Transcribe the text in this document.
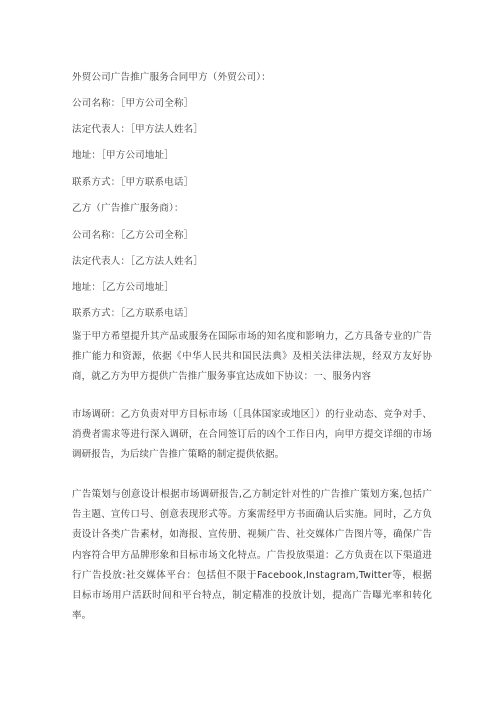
外贸公司广告推广服务合同甲方（外贸公司）：
公司名称：［甲方公司全称］
法定代表人：［甲方法人姓名］
地址：［甲方公司地址］
联系方式：［甲方联系电话］
乙方（广告推广服务商）：
公司名称：［乙方公司全称］
法定代表人：［乙方法人姓名］
地址：［乙方公司地址］
联系方式：［乙方联系电话］
鉴于甲方希望提升其产品或服务在国际市场的知名度和影响力，乙方具备专业的广告推广能力和资源，依据《中华人民共和国民法典》及相关法律法规，经双方友好协商，就乙方为甲方提供广告推广服务事宜达成如下协议：一、服务内容
市场调研：乙方负责对甲方目标市场（［具体国家或地区］）的行业动态、竞争对手、消费者需求等进行深入调研，在合同签订后的凶个工作日内，向甲方提交详细的市场调研报告，为后续广告推广策略的制定提供依据。
广告策划与创意设计根据市场调研报告,乙方制定针对性的广告推广策划方案,包括广告主题、宣传口号、创意表现形式等。方案需经甲方书面确认后实施。同时，乙方负责设计各类广告素材，如海报、宣传册、视频广告、社交媒体广告图片等，确保广告内容符合甲方品牌形象和目标市场文化特点。广告投放渠道：乙方负责在以下渠道进行广告投放:社交媒体平台：包括但不限于Facebook,Instagram,Twitter等，根据目标市场用户活跃时间和平台特点，制定精准的投放计划，提高广告曝光率和转化率。
